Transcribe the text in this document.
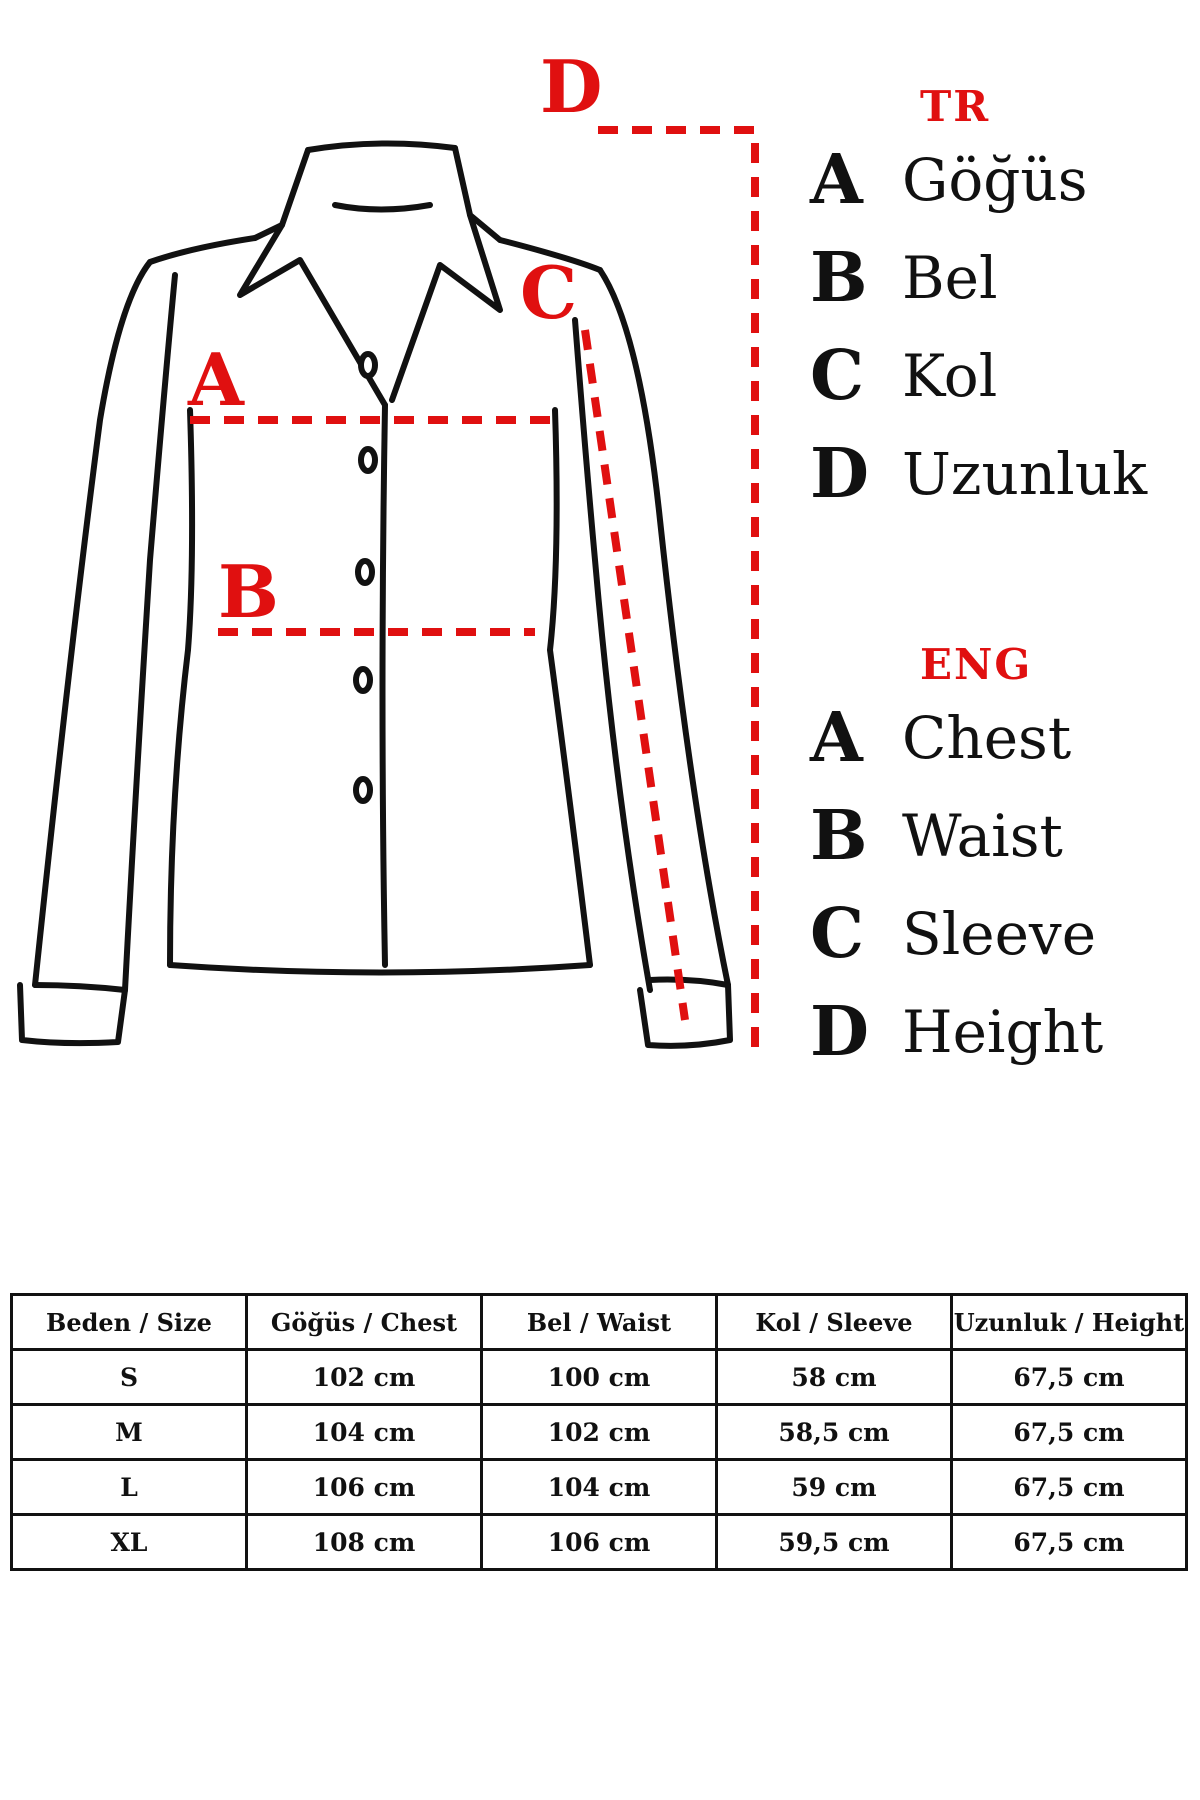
A
B
C
D	TR
A Göğüs
B Bel
C Kol
D Uzunluk
ENG
A Chest
B Waist
C Sleeve
D Height
Beden / Size	Göğüs / Chest	Bel / Waist	Kol / Sleeve	Uzunluk / Height
S	102 cm	100 cm	58 cm	67,5 cm
M	104 cm	102 cm	58,5 cm	67,5 cm
L	106 cm	104 cm	59 cm	67,5 cm
XL	108 cm	106 cm	59,5 cm	67,5 cm
